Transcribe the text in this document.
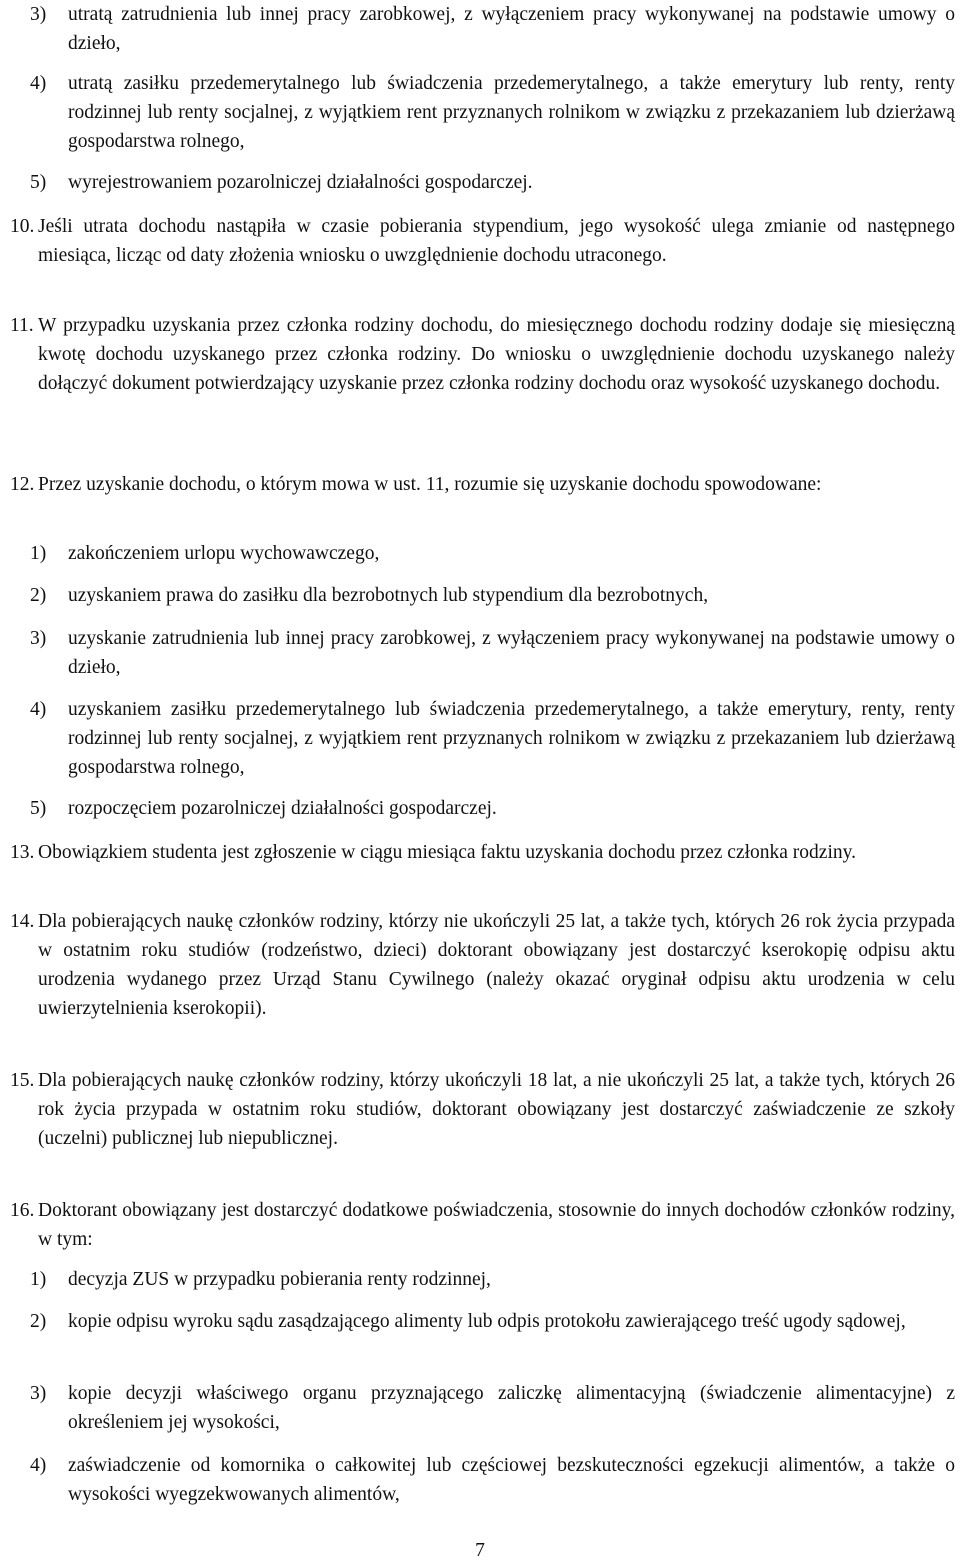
3)	utratą zatrudnienia lub innej pracy zarobkowej, z wyłączeniem pracy wykonywanej na podstawie umowy o dzieło,
4)	utratą zasiłku przedemerytalnego lub świadczenia przedemerytalnego, a także emerytury lub renty, renty rodzinnej lub renty socjalnej, z wyjątkiem rent przyznanych rolnikom w związku z przekazaniem lub dzierżawą gospodarstwa rolnego,
5)	wyrejestrowaniem pozarolniczej działalności gospodarczej.
10. Jeśli utrata dochodu nastąpiła w czasie pobierania stypendium, jego wysokość ulega zmianie od następnego miesiąca, licząc od daty złożenia wniosku o uwzględnienie dochodu utraconego.
11. W przypadku uzyskania przez członka rodziny dochodu, do miesięcznego dochodu rodziny dodaje się miesięczną kwotę dochodu uzyskanego przez członka rodziny. Do wniosku o uwzględnienie dochodu uzyskanego należy dołączyć dokument potwierdzający uzyskanie przez członka rodziny dochodu oraz wysokość uzyskanego dochodu.
12. Przez uzyskanie dochodu, o którym mowa w ust. 11, rozumie się uzyskanie dochodu spowodowane:
1)	zakończeniem urlopu wychowawczego,
2)	uzyskaniem prawa do zasiłku dla bezrobotnych lub stypendium dla bezrobotnych,
3)	uzyskanie zatrudnienia lub innej pracy zarobkowej, z wyłączeniem pracy wykonywanej na podstawie umowy o dzieło,
4)	uzyskaniem zasiłku przedemerytalnego lub świadczenia przedemerytalnego, a także emerytury, renty, renty rodzinnej lub renty socjalnej, z wyjątkiem rent przyznanych rolnikom w związku z przekazaniem lub dzierżawą gospodarstwa rolnego,
5)	rozpoczęciem pozarolniczej działalności gospodarczej.
13. Obowiązkiem studenta jest zgłoszenie w ciągu miesiąca faktu uzyskania dochodu przez członka rodziny.
14. Dla pobierających naukę członków rodziny, którzy nie ukończyli 25 lat, a także tych, których 26 rok życia przypada w ostatnim roku studiów (rodzeństwo, dzieci) doktorant obowiązany jest dostarczyć kserokopię odpisu aktu urodzenia wydanego przez Urząd Stanu Cywilnego (należy okazać oryginał odpisu aktu urodzenia w celu uwierzytelnienia kserokopii).
15. Dla pobierających naukę członków rodziny, którzy ukończyli 18 lat, a nie ukończyli 25 lat, a także tych, których 26 rok życia przypada w ostatnim roku studiów, doktorant obowiązany jest dostarczyć zaświadczenie ze szkoły (uczelni) publicznej lub niepublicznej.
16. Doktorant obowiązany jest dostarczyć dodatkowe poświadczenia, stosownie do innych dochodów członków rodziny, w tym:
1)	decyzja ZUS w przypadku pobierania renty rodzinnej,
2)	kopie odpisu wyroku sądu zasądzającego alimenty lub odpis protokołu zawierającego treść ugody sądowej,
3)	kopie decyzji właściwego organu przyznającego zaliczkę alimentacyjną (świadczenie alimentacyjne) z określeniem jej wysokości,
4)	zaświadczenie od komornika o całkowitej lub częściowej bezskuteczności egzekucji alimentów, a także o wysokości wyegzekwowanych alimentów,
7
